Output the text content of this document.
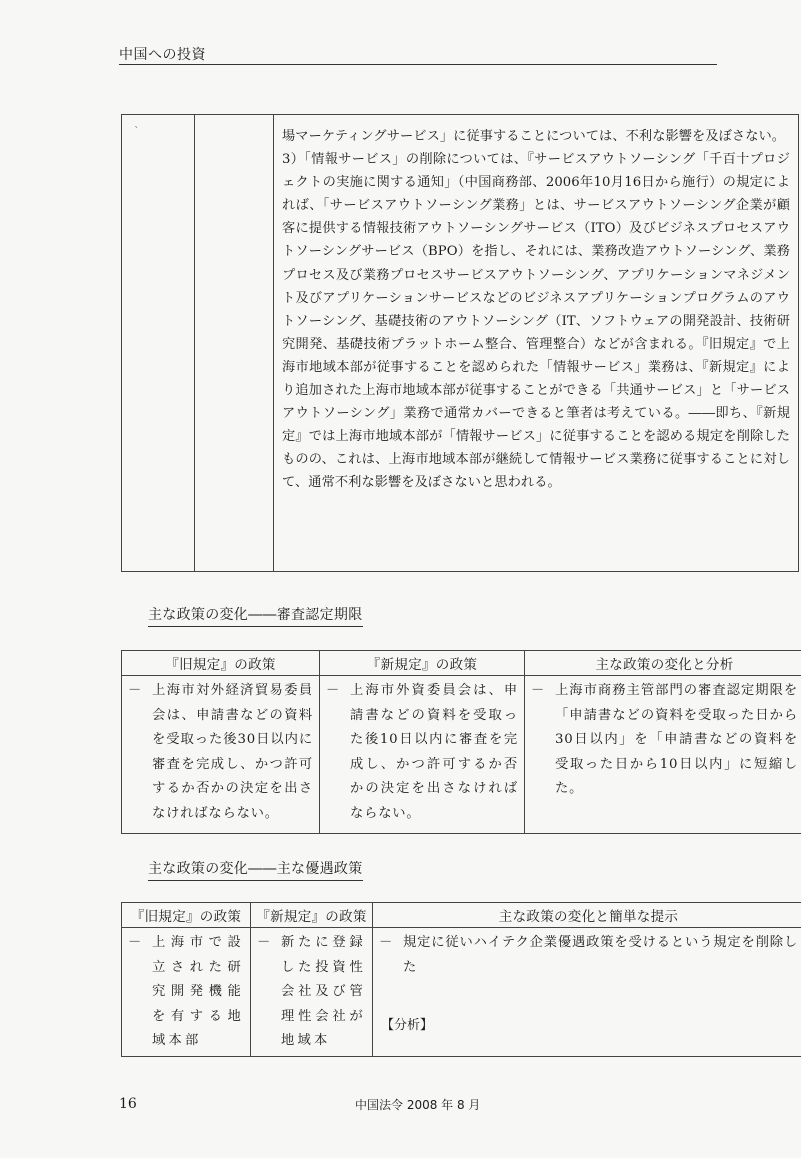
中国への投資
`		場マーケティングサービス」に従事することについては、不利な影響を及ぼさない。

3）「情報サービス」の削除については、『サービスアウトソーシング「千百十プロジェクトの実施に関する通知」（中国商務部、2006年10月16日から施行）の規定によれば、「サービスアウトソーシング業務」とは、サービスアウトソーシング企業が顧客に提供する情報技術アウトソーシングサービス（ITO）及びビジネスプロセスアウトソーシングサービス（BPO）を指し、それには、業務改造アウトソーシング、業務プロセス及び業務プロセスサービスアウトソーシング、アプリケーションマネジメント及びアプリケーションサービスなどのビジネスアプリケーションプログラムのアウトソーシング、基礎技術のアウトソーシング（IT、ソフトウェアの開発設計、技術研究開発、基礎技術プラットホーム整合、管理整合）などが含まれる。『旧規定』で上海市地域本部が従事することを認められた「情報サービス」業務は、『新規定』により追加された上海市地域本部が従事することができる「共通サービス」と「サービスアウトソーシング」業務で通常カバーできると筆者は考えている。――即ち、『新規定』では上海市地域本部が「情報サービス」に従事することを認める規定を削除したものの、これは、上海市地域本部が継続して情報サービス業務に従事することに対して、通常不利な影響を及ぼさないと思われる。

主な政策の変化――審査認定期限
『旧規定』の政策	『新規定』の政策	主な政策の変化と分析

－ 上海市対外経済貿易委員会は、申請書などの資料を受取った後30日以内に審査を完成し、かつ許可するか否かの決定を出さなければならない。	－ 上海市外資委員会は、申請書などの資料を受取った後10日以内に審査を完成し、かつ許可するか否かの決定を出さなければならない。	－ 上海市商務主管部門の審査認定期限を「申請書などの資料を受取った日から30日以内」を「申請書などの資料を受取った日から10日以内」に短縮した。
主な政策の変化――主な優遇政策
『旧規定』の政策	『新規定』の政策	主な政策の変化と簡単な提示

－ 上海市で設立された研究開発機能を有する地域本部	－ 新たに登録した投資性会社及び管理性会社が地域本	－ 規定に従いハイテク企業優遇政策を受けるという規定を削除した
【分析】
16	中国法令 2008 年 8 月
